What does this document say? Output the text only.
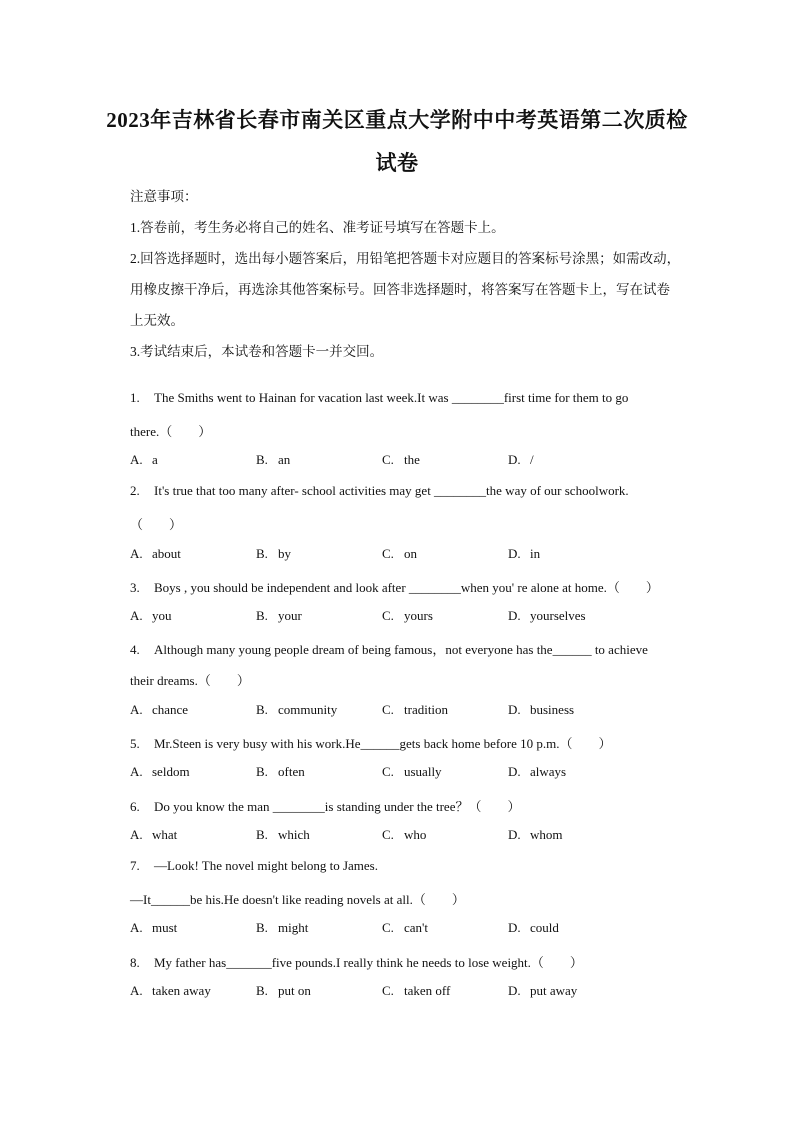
2023年吉林省长春市南关区重点大学附中中考英语第二次质检
试卷
注意事项：
1.答卷前，考生务必将自己的姓名、准考证号填写在答题卡上。
2.回答选择题时，选出每小题答案后，用铅笔把答题卡对应题目的答案标号涂黑；如需改动，
用橡皮擦干净后，再选涂其他答案标号。回答非选择题时，将答案写在答题卡上，写在试卷
上无效。
3.考试结束后，本试卷和答题卡一并交回。
1. The Smiths went to Hainan for vacation last week.It was ________first time for them to go
there.（　　）
A. a	B. an	C. the	D. /
2. It's true that too many after- school activities may get ________the way of our schoolwork.
（　　）
A. about	B. by	C. on	D. in
3. Boys , you should be independent and look after ________when you' re alone at home.（　　）
A. you	B. your	C. yours	D. yourselves
4. Although many young people dream of being famous，not everyone has the______ to achieve
their dreams.（　　）
A. chance	B. community	C. tradition	D. business
5. Mr.Steen is very busy with his work.He______gets back home before 10 p.m.（　　）
A. seldom	B. often	C. usually	D. always
6. Do you know the man ________is standing under the tree？（　　）
A. what	B. which	C. who	D. whom
7. —Look! The novel might belong to James.
—It______be his.He doesn't like reading novels at all.（　　）
A. must	B. might	C. can't	D. could
8. My father has_______five pounds.I really think he needs to lose weight.（　　）
A. taken away	B. put on	C. taken off	D. put away
